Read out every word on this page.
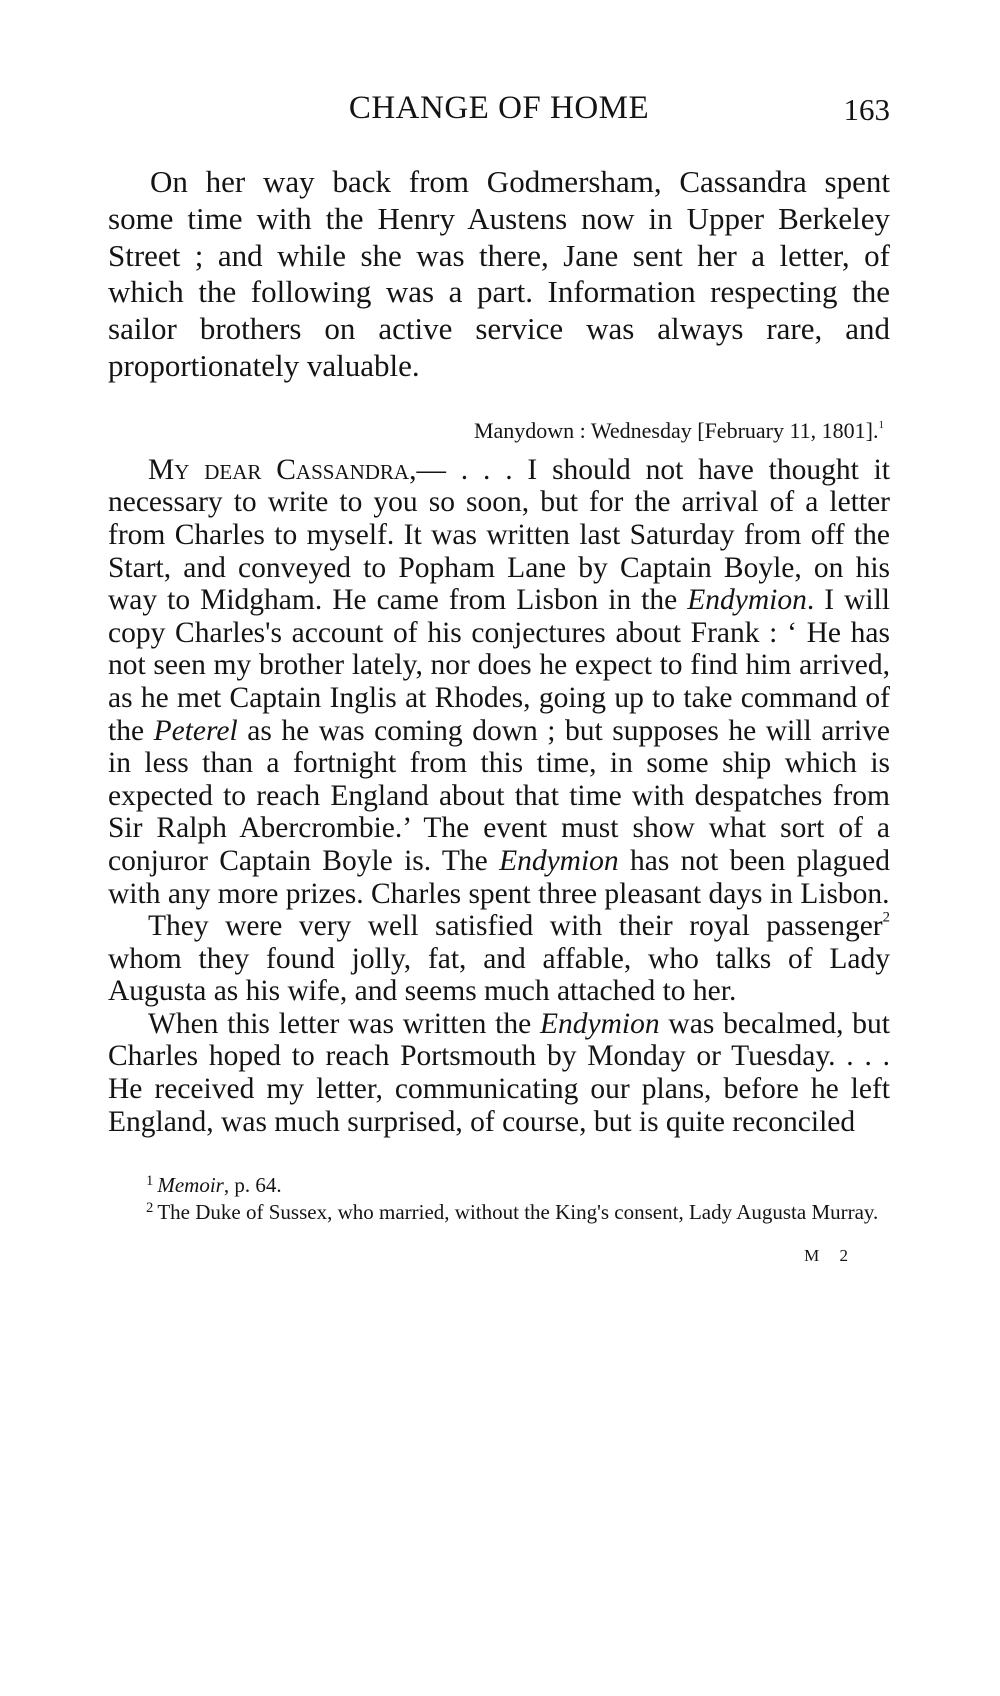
CHANGE OF HOME	163

On her way back from Godmersham, Cassandra spent some time with the Henry Austens now in Upper Berkeley Street ; and while she was there, Jane sent her a letter, of which the following was a part. Information respecting the sailor brothers on active service was always rare, and proportionately valuable.

Manydown : Wednesday [February 11, 1801].$^1$

My dear Cassandra,— . . . I should not have thought it necessary to write to you so soon, but for the arrival of a letter from Charles to myself. It was written last Saturday from off the Start, and conveyed to Popham Lane by Captain Boyle, on his way to Midgham. He came from Lisbon in the Endymion. I will copy Charles's account of his conjectures about Frank : ‘ He has not seen my brother lately, nor does he expect to find him arrived, as he met Captain Inglis at Rhodes, going up to take command of the Peterel as he was coming down ; but supposes he will arrive in less than a fortnight from this time, in some ship which is expected to reach England about that time with despatches from Sir Ralph Abercrombie.’ The event must show what sort of a conjuror Captain Boyle is. The Endymion has not been plagued with any more prizes. Charles spent three pleasant days in Lisbon.

They were very well satisfied with their royal passenger$^2$ whom they found jolly, fat, and affable, who talks of Lady Augusta as his wife, and seems much attached to her.

When this letter was written the Endymion was becalmed, but Charles hoped to reach Portsmouth by Monday or Tuesday. . . . He received my letter, communicating our plans, before he left England, was much surprised, of course, but is quite reconciled

$^1$ Memoir, p. 64.

$^2$ The Duke of Sussex, who married, without the King's consent, Lady Augusta Murray.

M 2
